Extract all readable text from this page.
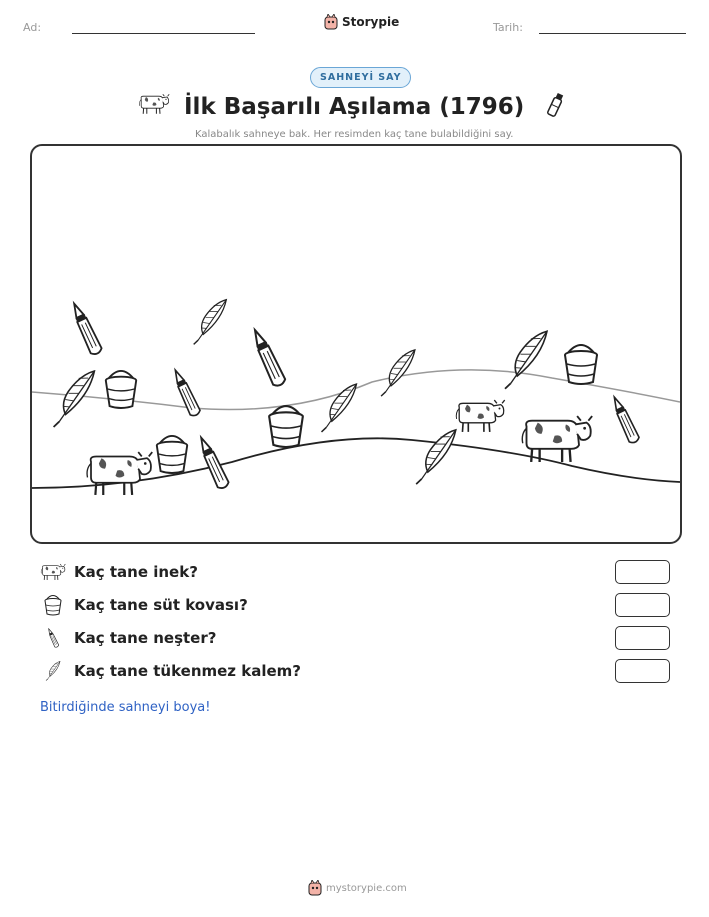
Ad:	Storypie	Tarih:
SAHNEYİ SAY
İlk Başarılı Aşılama (1796)
Kalabalık sahneye bak. Her resimden kaç tane bulabildiğini say.
Kaç tane inek?
Kaç tane süt kovası?
Kaç tane neşter?
Kaç tane tükenmez kalem?
Bitirdiğinde sahneyi boya!
mystorypie.com
